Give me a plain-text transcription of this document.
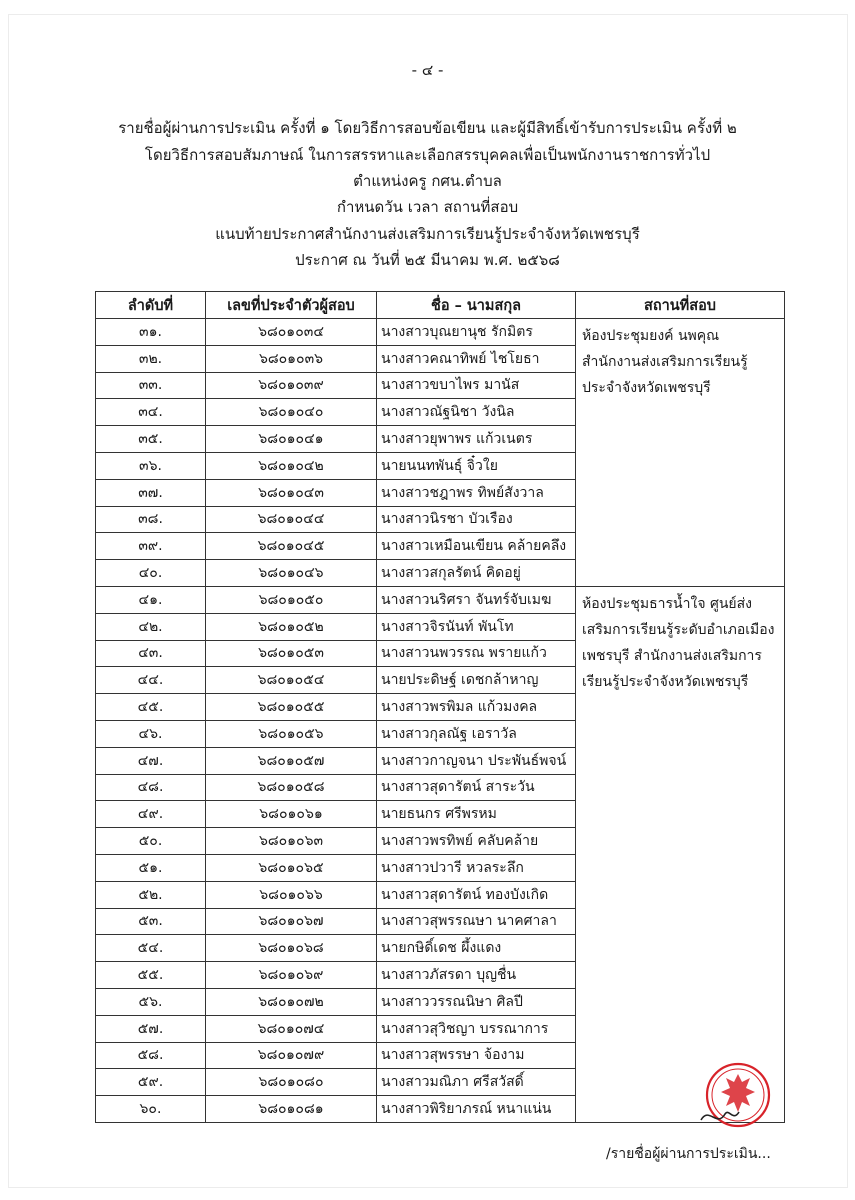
- ๔ -
รายชื่อผู้ผ่านการประเมิน ครั้งที่ ๑ โดยวิธีการสอบข้อเขียน และผู้มีสิทธิ์เข้ารับการประเมิน ครั้งที่ ๒
โดยวิธีการสอบสัมภาษณ์ ในการสรรหาและเลือกสรรบุคคลเพื่อเป็นพนักงานราชการทั่วไป
ตำแหน่งครู กศน.ตำบล
กำหนดวัน เวลา สถานที่สอบ
แนบท้ายประกาศสำนักงานส่งเสริมการเรียนรู้ประจำจังหวัดเพชรบุรี
ประกาศ ณ วันที่ ๒๕ มีนาคม พ.ศ. ๒๕๖๘
ลำดับที่	เลขที่ประจำตัวผู้สอบ	ชื่อ – นามสกุล	สถานที่สอบ
๓๑.	๖๘๐๑๐๓๔	นางสาวบุณยานุช รักมิตร	ห้องประชุมยงค์ นพคุณ สำนักงานส่งเสริมการเรียนรู้ประจำจังหวัดเพชรบุรี
๓๒.	๖๘๐๑๐๓๖	นางสาวคณาทิพย์ ไชโยธา	
๓๓.	๖๘๐๑๐๓๙	นางสาวขบาไพร มานัส	
๓๔.	๖๘๐๑๐๔๐	นางสาวณัฐนิชา วังนิล	
๓๕.	๖๘๐๑๐๔๑	นางสาวยุพาพร แก้วเนตร	
๓๖.	๖๘๐๑๐๔๒	นายนนทพันธุ์ จิ๋วใย	
๓๗.	๖๘๐๑๐๔๓	นางสาวชฎาพร ทิพย์สังวาล	
๓๘.	๖๘๐๑๐๔๔	นางสาวนิรชา บัวเรือง	
๓๙.	๖๘๐๑๐๔๕	นางสาวเหมือนเขียน คล้ายคลึง	
๔๐.	๖๘๐๑๐๔๖	นางสาวสกุลรัตน์ คิดอยู่	
๔๑.	๖๘๐๑๐๕๐	นางสาวนริศรา จันทร์จับเมฆ	ห้องประชุมธารน้ำใจ ศูนย์ส่งเสริมการเรียนรู้ระดับอำเภอเมืองเพชรบุรี สำนักงานส่งเสริมการเรียนรู้ประจำจังหวัดเพชรบุรี
๔๒.	๖๘๐๑๐๕๒	นางสาวจิรนันท์ พันโท	
๔๓.	๖๘๐๑๐๕๓	นางสาวนพวรรณ พรายแก้ว	
๔๔.	๖๘๐๑๐๕๔	นายประดิษฐ์ เดชกล้าหาญ	
๔๕.	๖๘๐๑๐๕๕	นางสาวพรพิมล แก้วมงคล	
๔๖.	๖๘๐๑๐๕๖	นางสาวกุลณัฐ เอราวัล	
๔๗.	๖๘๐๑๐๕๗	นางสาวกาญจนา ประพันธ์พจน์	
๔๘.	๖๘๐๑๐๕๘	นางสาวสุดารัตน์ สาระวัน	
๔๙.	๖๘๐๑๐๖๑	นายธนกร ศรีพรหม	
๕๐.	๖๘๐๑๐๖๓	นางสาวพรทิพย์ คลับคล้าย	
๕๑.	๖๘๐๑๐๖๕	นางสาวปวารี หวลระลึก	
๕๒.	๖๘๐๑๐๖๖	นางสาวสุดารัตน์ ทองบังเกิด	
๕๓.	๖๘๐๑๐๖๗	นางสาวสุพรรณษา นาคศาลา	
๕๔.	๖๘๐๑๐๖๘	นายกษิดิ์เดช ผึ้งแดง	
๕๕.	๖๘๐๑๐๖๙	นางสาวภัสรดา บุญชื่น	
๕๖.	๖๘๐๑๐๗๒	นางสาววรรณนิษา ศิลปี	
๕๗.	๖๘๐๑๐๗๔	นางสาวสุวิชญา บรรณาการ	
๕๘.	๖๘๐๑๐๗๙	นางสาวสุพรรษา จ้องาม	
๕๙.	๖๘๐๑๐๘๐	นางสาวมณิภา ศรีสวัสดิ์	
๖๐.	๖๘๐๑๐๘๑	นางสาวพิริยาภรณ์ หนาแน่น	
/รายชื่อผู้ผ่านการประเมิน...
